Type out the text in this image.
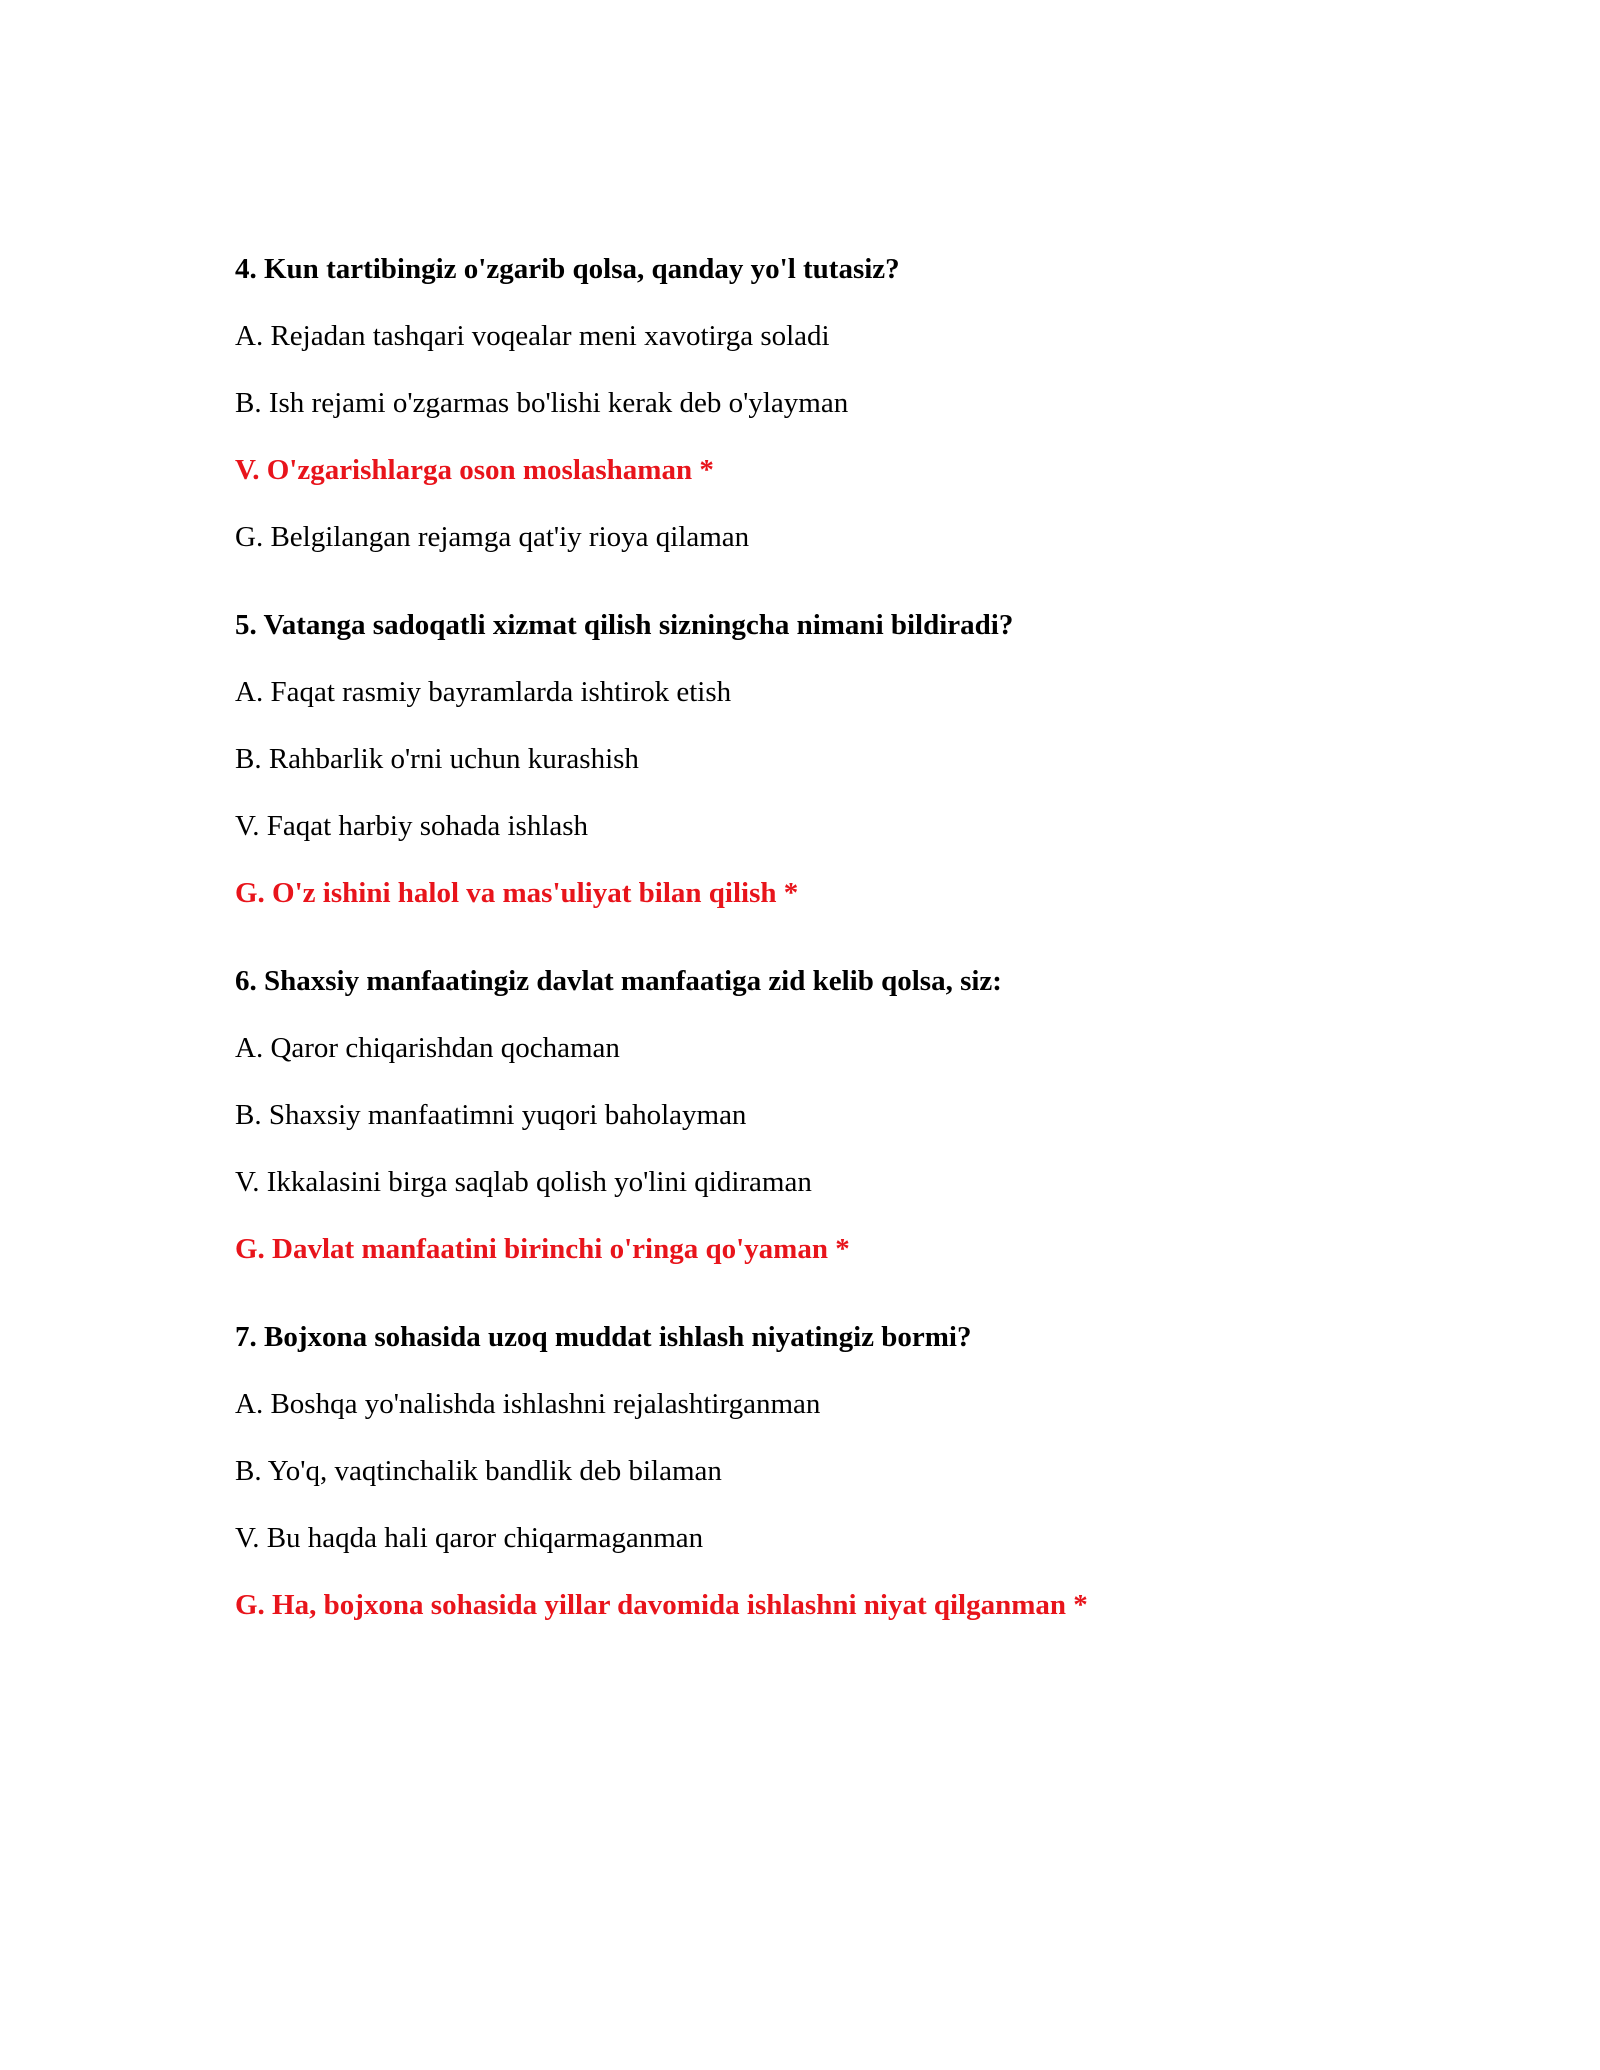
4. Kun tartibingiz o'zgarib qolsa, qanday yo'l tutasiz?
A. Rejadan tashqari voqealar meni xavotirga soladi
B. Ish rejami o'zgarmas bo'lishi kerak deb o'ylayman
V. O'zgarishlarga oson moslashaman *
G. Belgilangan rejamga qat'iy rioya qilaman
5. Vatanga sadoqatli xizmat qilish sizningcha nimani bildiradi?
A. Faqat rasmiy bayramlarda ishtirok etish
B. Rahbarlik o'rni uchun kurashish
V. Faqat harbiy sohada ishlash
G. O'z ishini halol va mas'uliyat bilan qilish *
6. Shaxsiy manfaatingiz davlat manfaatiga zid kelib qolsa, siz:
A. Qaror chiqarishdan qochaman
B. Shaxsiy manfaatimni yuqori baholayman
V. Ikkalasini birga saqlab qolish yo'lini qidiraman
G. Davlat manfaatini birinchi o'ringa qo'yaman *
7. Bojxona sohasida uzoq muddat ishlash niyatingiz bormi?
A. Boshqa yo'nalishda ishlashni rejalashtirganman
B. Yo'q, vaqtinchalik bandlik deb bilaman
V. Bu haqda hali qaror chiqarmaganman
G. Ha, bojxona sohasida yillar davomida ishlashni niyat qilganman *
